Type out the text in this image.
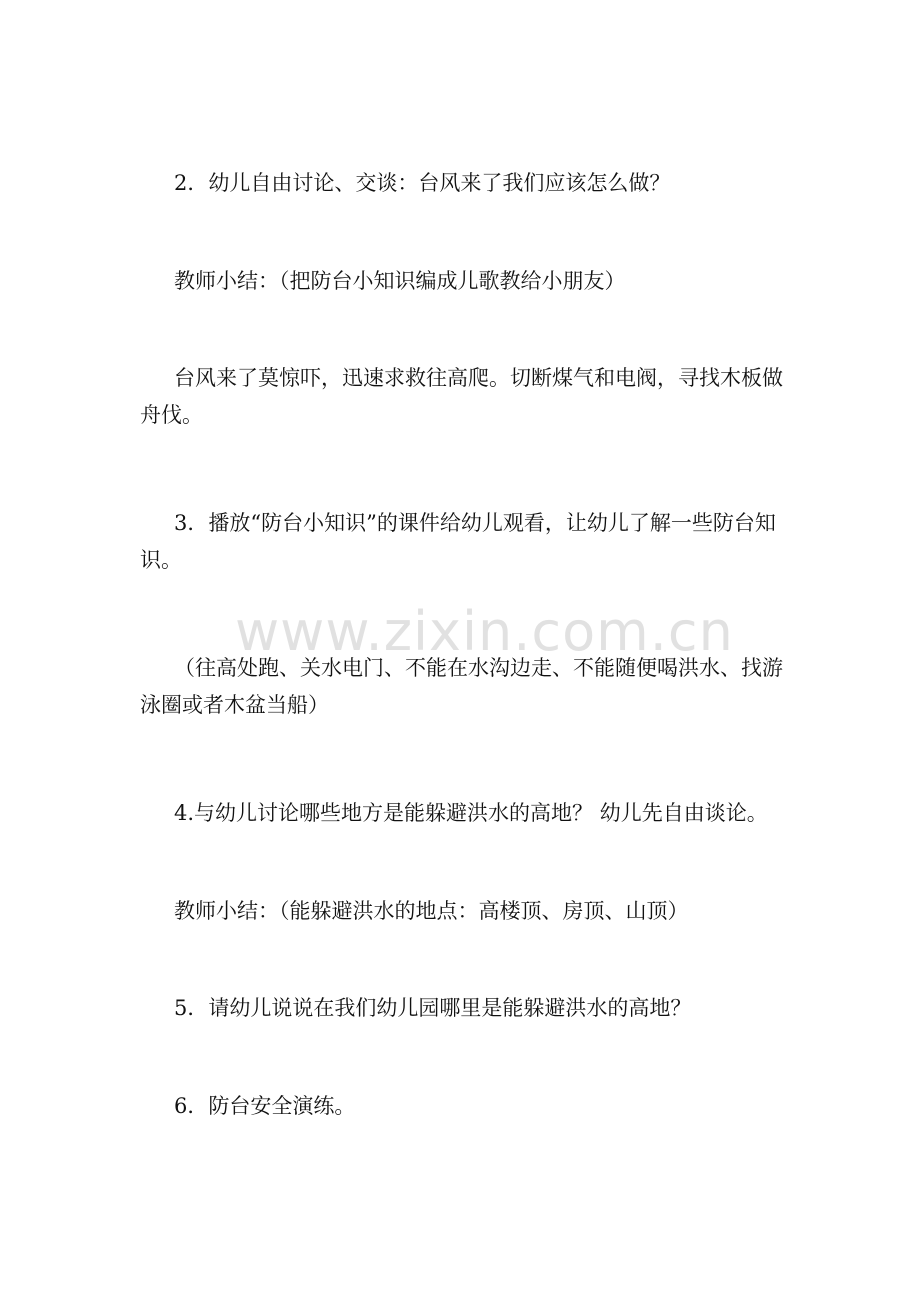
2．幼儿自由讨论、交谈：台风来了我们应该怎么做？

教师小结：（把防台小知识编成儿歌教给小朋友）

台风来了莫惊吓，迅速求救往高爬。切断煤气和电阀，寻找木板做舟伐。

3．播放“防台小知识”的课件给幼儿观看，让幼儿了解一些防台知识。

（往高处跑、关水电门、不能在水沟边走、不能随便喝洪水、找游泳圈或者木盆当船）

4.与幼儿讨论哪些地方是能躲避洪水的高地？ 幼儿先自由谈论。

教师小结：（能躲避洪水的地点：高楼顶、房顶、山顶）

5．请幼儿说说在我们幼儿园哪里是能躲避洪水的高地？

6．防台安全演练。

www.zixin.com.cn
